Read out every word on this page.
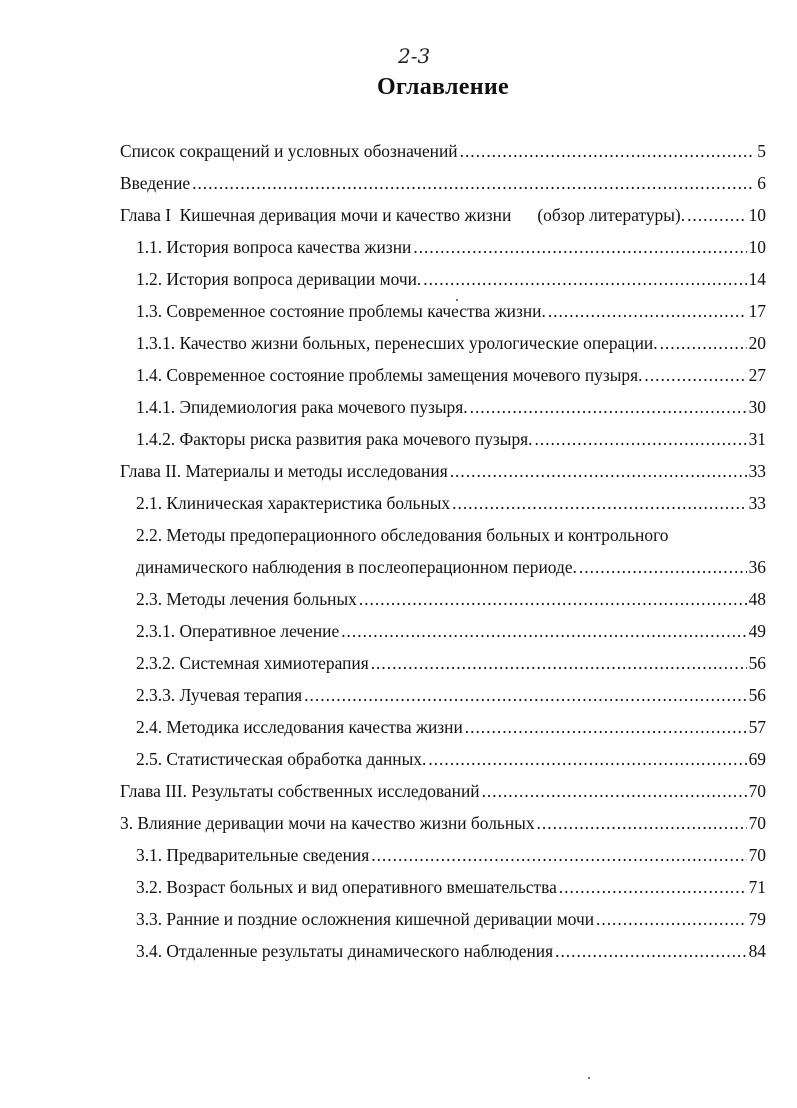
2-3
Оглавление
Список сокращений и условных обозначений .....	5
Введение .....	6
Глава I  Кишечная деривация мочи и качество жизни      (обзор литературы). .....	10
1.1. История вопроса качества жизни .....	10
1.2. История вопроса деривации мочи. .....	14
1.3. Современное состояние проблемы качества жизни. .....	17
1.3.1. Качество жизни больных, перенесших урологические операции. .....	20
1.4. Современное состояние проблемы замещения мочевого пузыря. .....	27
1.4.1. Эпидемиология рака мочевого пузыря. .....	30
1.4.2. Факторы риска развития рака мочевого пузыря. .....	31
Глава II. Материалы и методы исследования .....	33
2.1. Клиническая характеристика больных .....	33
2.2. Методы предоперационного обследования больных и контрольного
динамического наблюдения в послеоперационном периоде. .....	36
2.3. Методы лечения больных .....	48
2.3.1. Оперативное лечение .....	49
2.3.2. Системная химиотерапия .....	56
2.3.3. Лучевая терапия .....	56
2.4. Методика исследования качества жизни .....	57
2.5. Статистическая обработка данных. .....	69
Глава III. Результаты собственных исследований .....	70
3. Влияние деривации мочи на качество жизни больных .....	70
3.1. Предварительные сведения .....	70
3.2. Возраст больных и вид оперативного вмешательства .....	71
3.3. Ранние и поздние осложнения кишечной деривации мочи .....	79
3.4. Отдаленные результаты динамического наблюдения .....	84
